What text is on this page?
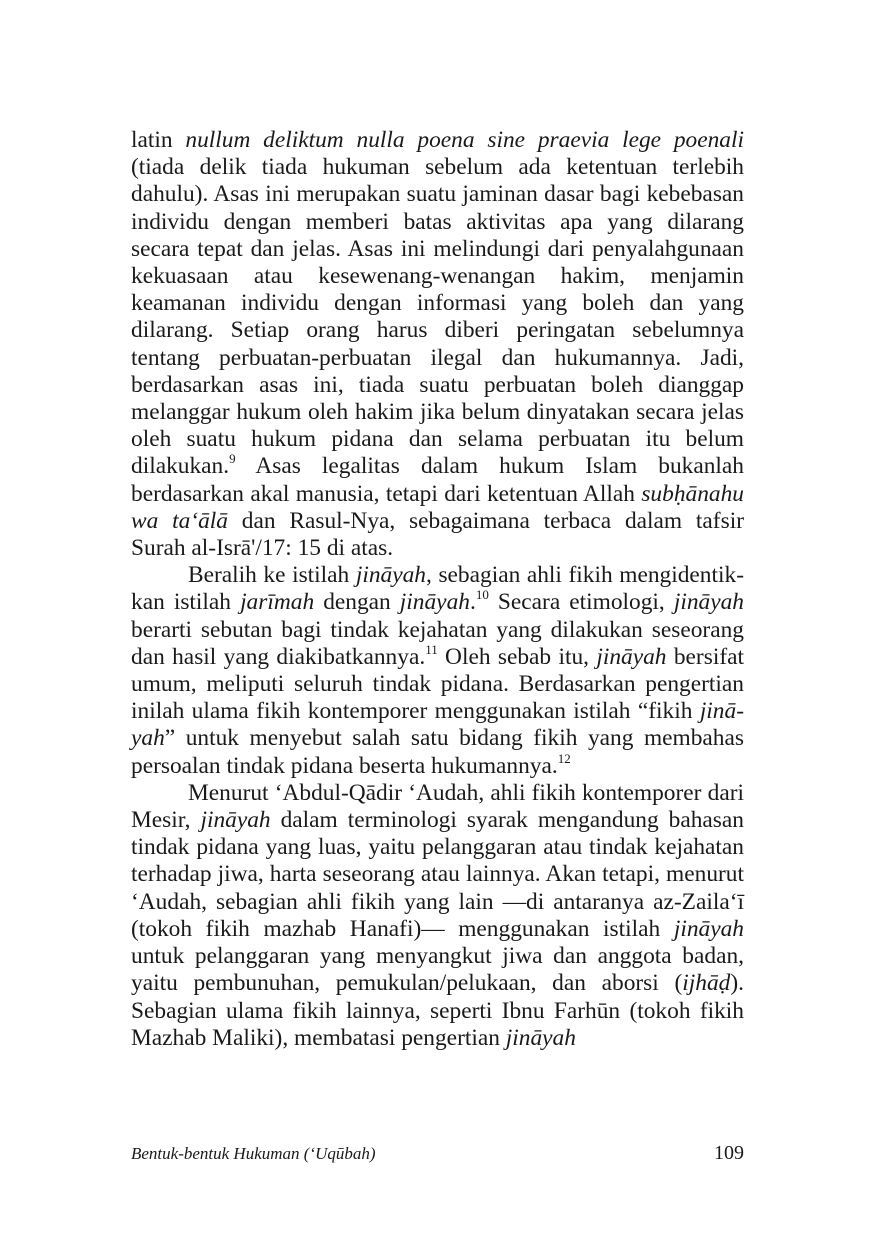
latin nullum deliktum nulla poena sine praevia lege poenali (tiada delik tiada hukuman sebelum ada ketentuan terlebih dahulu). Asas ini merupakan suatu jaminan dasar bagi kebebasan individu dengan memberi batas aktivitas apa yang dilarang secara tepat dan jelas. Asas ini melindungi dari penyalahgunaan kekuasaan atau kesewenang-wenangan hakim, menjamin keamanan individu dengan informasi yang boleh dan yang dilarang. Setiap orang harus diberi peringatan sebelumnya tentang perbuatan-perbuatan ilegal dan hukumannya. Jadi, berdasarkan asas ini, tiada suatu perbuatan boleh dianggap melanggar hukum oleh hakim jika belum dinyatakan secara jelas oleh suatu hukum pidana dan selama perbuatan itu belum dilakukan.$^9$ Asas legalitas dalam hukum Islam bukanlah berdasarkan akal manusia, tetapi dari ketentuan Allah subḥānahu wa ta‘ālā dan Rasul-Nya, sebagaimana terbaca dalam tafsir Surah al-Isrā'/17: 15 di atas.

Beralih ke istilah jināyah, sebagian ahli fikih mengidentikkan istilah jarīmah dengan jināyah.$^{10}$ Secara etimologi, jināyah berarti sebutan bagi tindak kejahatan yang dilakukan seseorang dan hasil yang diakibatkannya.$^{11}$ Oleh sebab itu, jināyah bersifat umum, meliputi seluruh tindak pidana. Berdasarkan pengertian inilah ulama fikih kontemporer menggunakan istilah “fikih jināyah” untuk menyebut salah satu bidang fikih yang membahas persoalan tindak pidana beserta hukumannya.$^{12}$

Menurut ‘Abdul-Qādir ‘Audah, ahli fikih kontemporer dari Mesir, jināyah dalam terminologi syarak mengandung bahasan tindak pidana yang luas, yaitu pelanggaran atau tindak kejahatan terhadap jiwa, harta seseorang atau lainnya. Akan tetapi, menurut ‘Audah, sebagian ahli fikih yang lain —di antaranya az-Zaila‘ī (tokoh fikih mazhab Hanafi)— menggunakan istilah jināyah untuk pelanggaran yang menyangkut jiwa dan anggota badan, yaitu pembunuhan, pemukulan/pelukaan, dan aborsi (ijhāḍ). Sebagian ulama fikih lainnya, seperti Ibnu Farhūn (tokoh fikih Mazhab Maliki), membatasi pengertian jināyah

Bentuk-bentuk Hukuman (‘Uqūbah)	109
